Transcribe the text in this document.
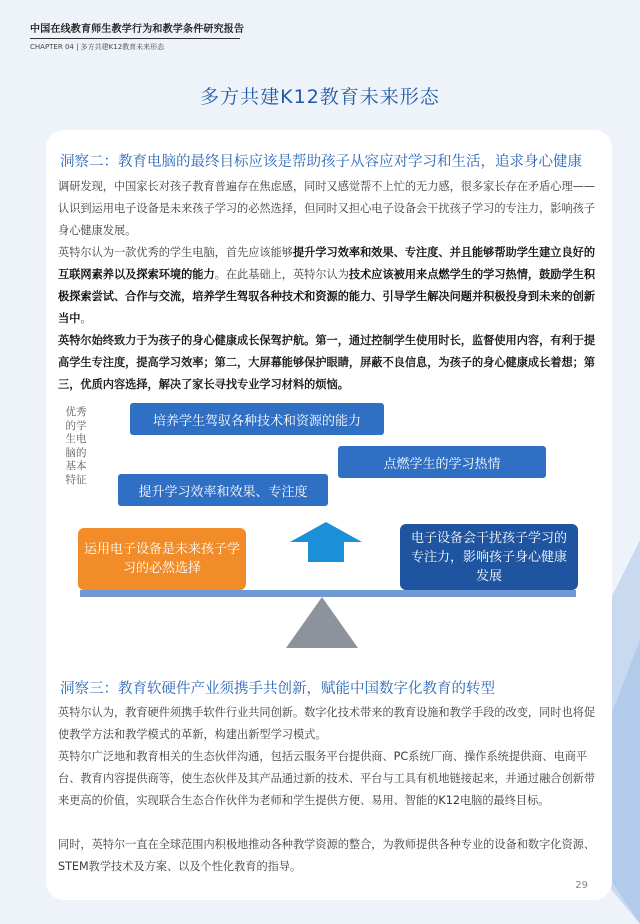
中国在线教育师生教学行为和教学条件研究报告
CHAPTER 04 | 多方共建K12教育未来形态
多方共建K12教育未来形态
洞察二：教育电脑的最终目标应该是帮助孩子从容应对学习和生活，追求身心健康

调研发现，中国家长对孩子教育普遍存在焦虑感，同时又感觉帮不上忙的无力感，很多家长存在矛盾心理——认识到运用电子设备是未来孩子学习的必然选择，但同时又担心电子设备会干扰孩子学习的专注力，影响孩子身心健康发展。

英特尔认为一款优秀的学生电脑，首先应该能够提升学习效率和效果、专注度、并且能够帮助学生建立良好的互联网素养以及探索环境的能力。在此基础上，英特尔认为技术应该被用来点燃学生的学习热情，鼓励学生积极探索尝试、合作与交流，培养学生驾驭各种技术和资源的能力、引导学生解决问题并积极投身到未来的创新当中。

英特尔始终致力于为孩子的身心健康成长保驾护航。第一，通过控制学生使用时长，监督使用内容，有利于提高学生专注度，提高学习效率；第二，大屏幕能够保护眼睛，屏蔽不良信息，为孩子的身心健康成长着想；第三，优质内容选择，解决了家长寻找专业学习材料的烦恼。

优秀的学生电脑的基本特征
培养学生驾驭各种技术和资源的能力
点燃学生的学习热情
提升学习效率和效果、专注度
运用电子设备是未来孩子学习的必然选择
电子设备会干扰孩子学习的专注力，影响孩子身心健康发展
洞察三：教育软硬件产业须携手共创新，赋能中国数字化教育的转型

英特尔认为，教育硬件须携手软件行业共同创新。数字化技术带来的教育设施和教学手段的改变，同时也将促使教学方法和教学模式的革新，构建出新型学习模式。

英特尔广泛地和教育相关的生态伙伴沟通，包括云服务平台提供商、PC系统厂商、操作系统提供商、电商平台、教育内容提供商等，使生态伙伴及其产品通过新的技术、平台与工具有机地链接起来，并通过融合创新带来更高的价值，实现联合生态合作伙伴为老师和学生提供方便、易用、智能的K12电脑的最终目标。

同时，英特尔一直在全球范围内积极地推动各种教学资源的整合，为教师提供各种专业的设备和数字化资源、STEM教学技术及方案、以及个性化教育的指导。

29
